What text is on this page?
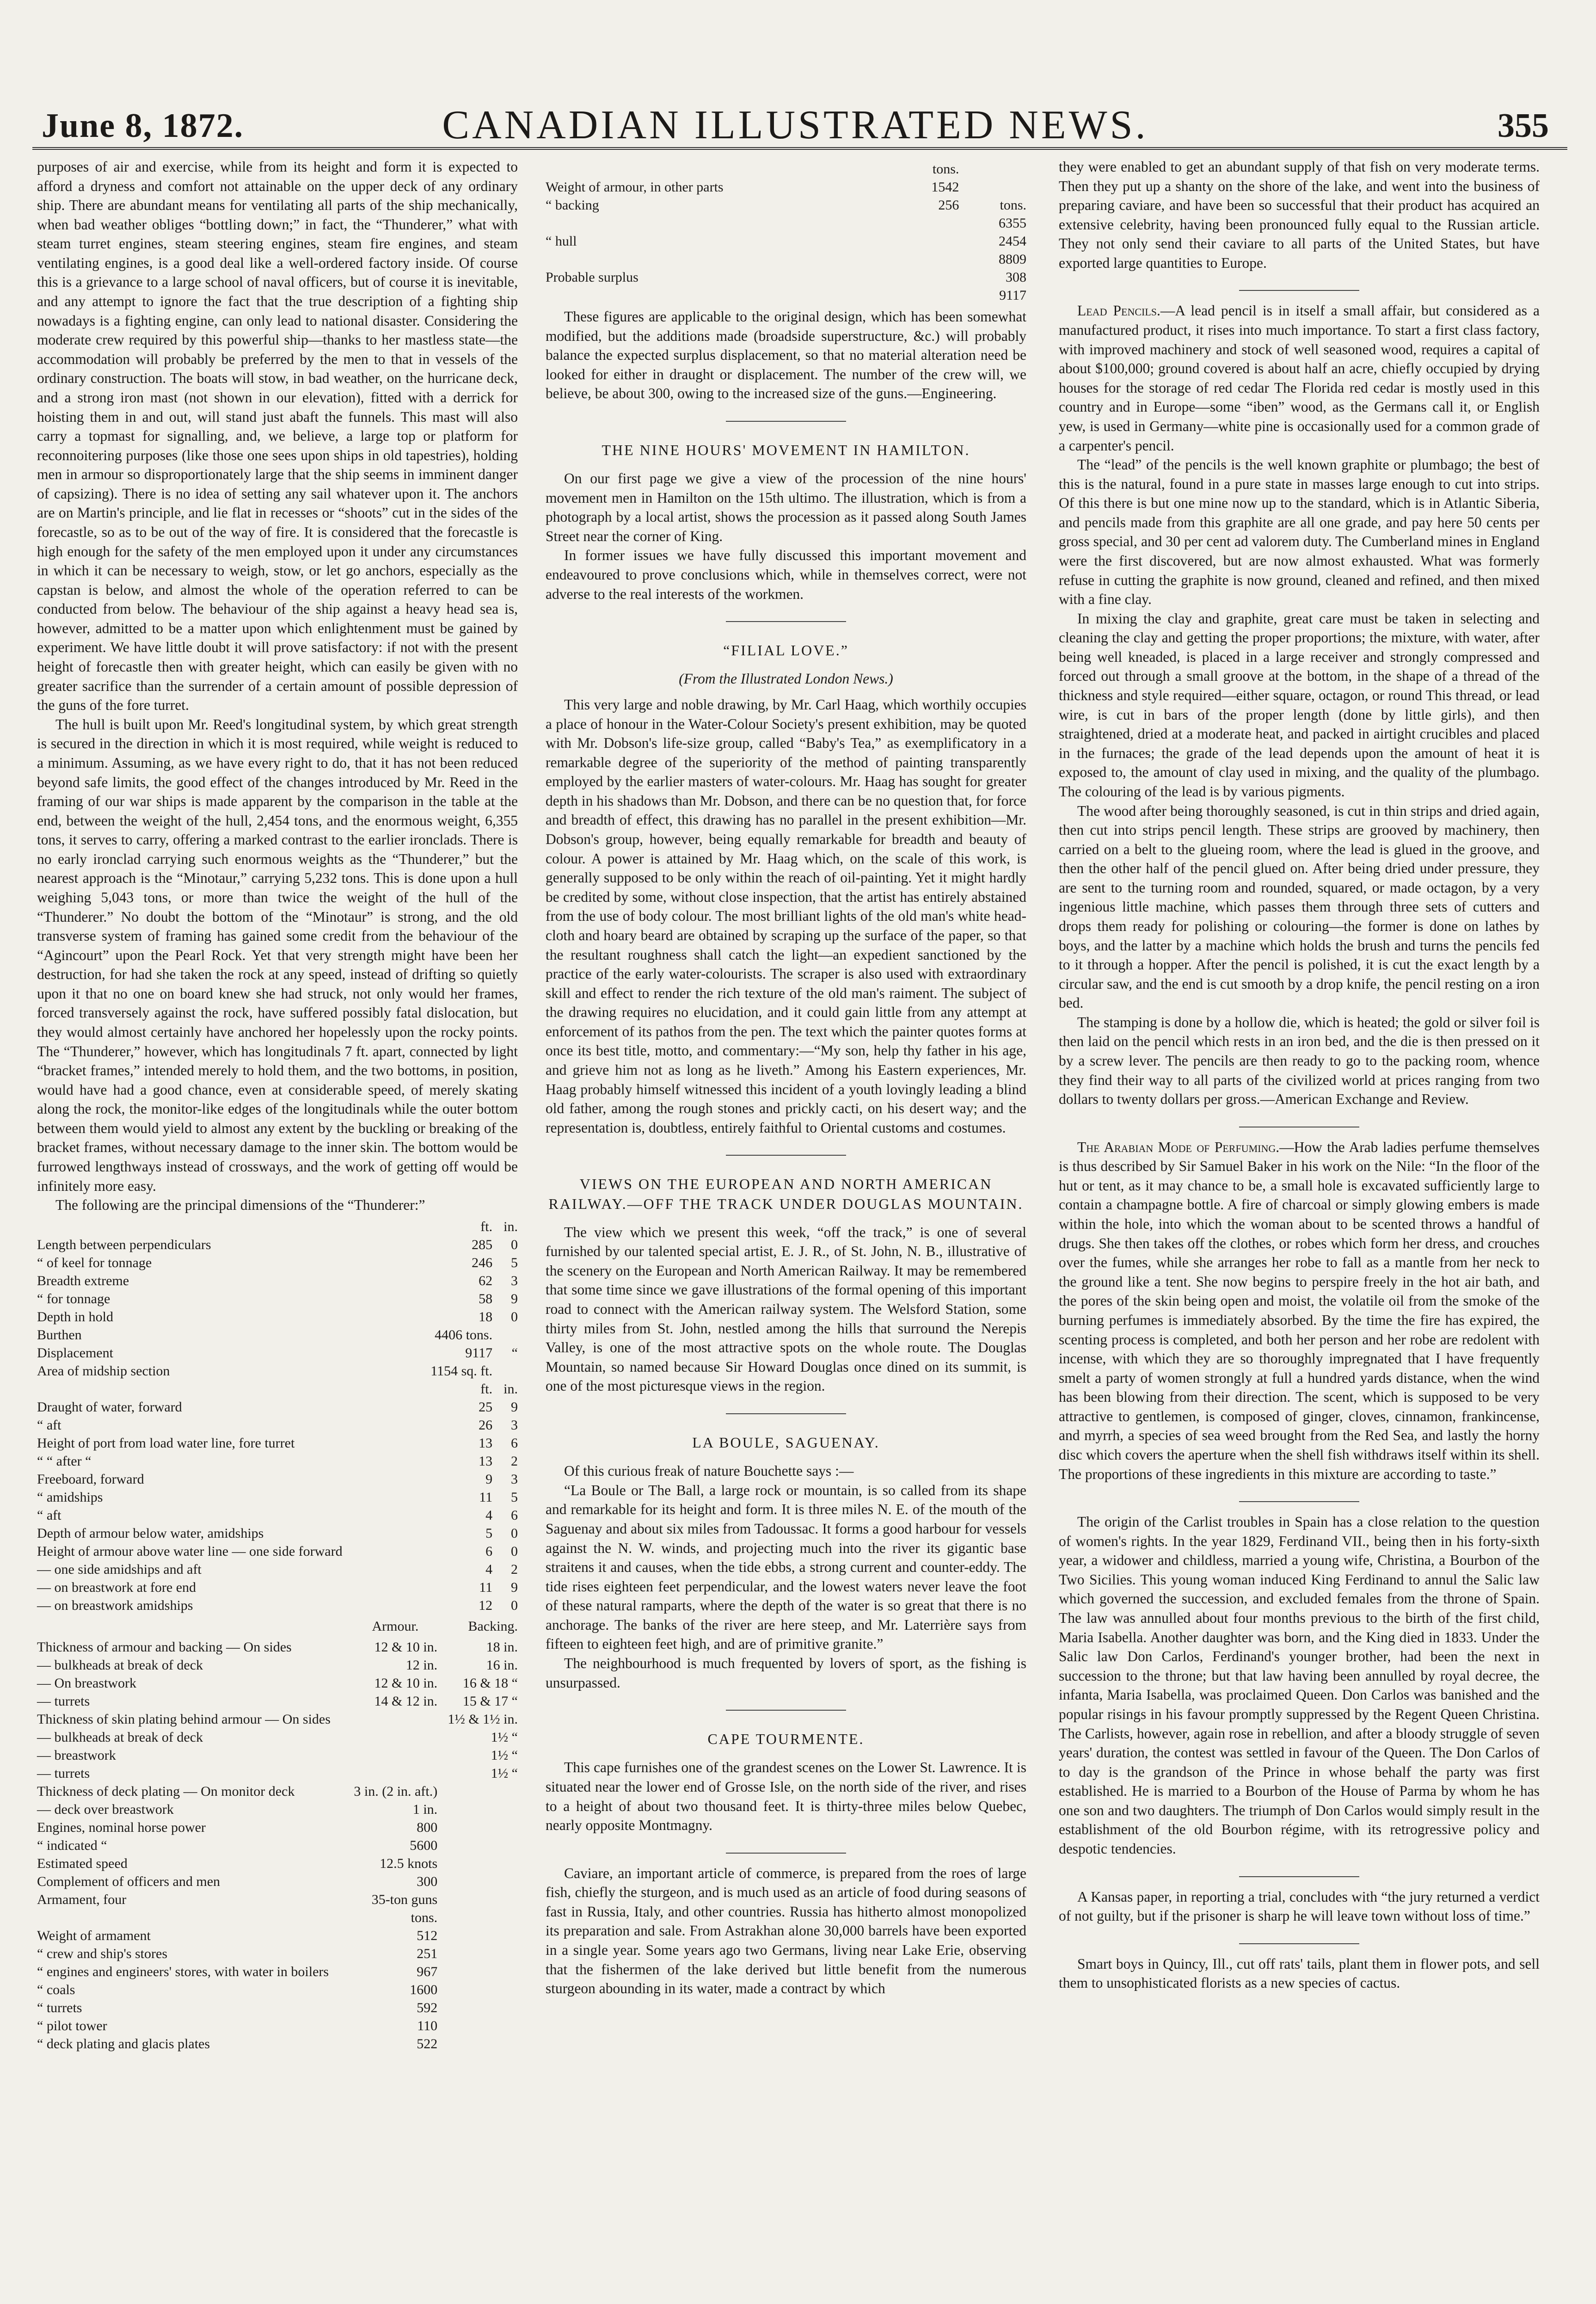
June 8, 1872.	CANADIAN ILLUSTRATED NEWS.	355

purposes of air and exercise, while from its height and form it is expected to afford a dryness and comfort not attainable on the upper deck of any ordinary ship. There are abundant means for ventilating all parts of the ship mechanically, when bad weather obliges “bottling down;” in fact, the “Thunderer,” what with steam turret engines, steam steering engines, steam fire engines, and steam ventilating engines, is a good deal like a well-ordered factory inside. Of course this is a grievance to a large school of naval officers, but of course it is inevitable, and any attempt to ignore the fact that the true description of a fighting ship nowadays is a fighting engine, can only lead to national disaster. Considering the moderate crew required by this powerful ship—thanks to her mastless state—the accommodation will probably be preferred by the men to that in vessels of the ordinary construction. The boats will stow, in bad weather, on the hurricane deck, and a strong iron mast (not shown in our elevation), fitted with a derrick for hoisting them in and out, will stand just abaft the funnels. This mast will also carry a topmast for signalling, and, we believe, a large top or platform for reconnoitering purposes (like those one sees upon ships in old tapestries), holding men in armour so disproportionately large that the ship seems in imminent danger of capsizing). There is no idea of setting any sail whatever upon it. The anchors are on Martin's principle, and lie flat in recesses or “shoots” cut in the sides of the forecastle, so as to be out of the way of fire. It is considered that the forecastle is high enough for the safety of the men employed upon it under any circumstances in which it can be necessary to weigh, stow, or let go anchors, especially as the capstan is below, and almost the whole of the operation referred to can be conducted from below. The behaviour of the ship against a heavy head sea is, however, admitted to be a matter upon which enlightenment must be gained by experiment. We have little doubt it will prove satisfactory: if not with the present height of forecastle then with greater height, which can easily be given with no greater sacrifice than the surrender of a certain amount of possible depression of the guns of the fore turret.

The hull is built upon Mr. Reed's longitudinal system, by which great strength is secured in the direction in which it is most required, while weight is reduced to a minimum. Assuming, as we have every right to do, that it has not been reduced beyond safe limits, the good effect of the changes introduced by Mr. Reed in the framing of our war ships is made apparent by the comparison in the table at the end, between the weight of the hull, 2,454 tons, and the enormous weight, 6,355 tons, it serves to carry, offering a marked contrast to the earlier ironclads. There is no early ironclad carrying such enormous weights as the “Thunderer,” but the nearest approach is the “Minotaur,” carrying 5,232 tons. This is done upon a hull weighing 5,043 tons, or more than twice the weight of the hull of the “Thunderer.” No doubt the bottom of the “Minotaur” is strong, and the old transverse system of framing has gained some credit from the behaviour of the “Agincourt” upon the Pearl Rock. Yet that very strength might have been her destruction, for had she taken the rock at any speed, instead of drifting so quietly upon it that no one on board knew she had struck, not only would her frames, forced transversely against the rock, have suffered possibly fatal dislocation, but they would almost certainly have anchored her hopelessly upon the rocky points. The “Thunderer,” however, which has longitudinals 7 ft. apart, connected by light “bracket frames,” intended merely to hold them, and the two bottoms, in position, would have had a good chance, even at considerable speed, of merely skating along the rock, the monitor-like edges of the longitudinals while the outer bottom between them would yield to almost any extent by the buckling or breaking of the bracket frames, without necessary damage to the inner skin. The bottom would be furrowed lengthways instead of crossways, and the work of getting off would be infinitely more easy.

The following are the principal dimensions of the “Thunderer:”

	ft.	in.
Length between perpendiculars	285	0
“ of keel for tonnage	246	5
Breadth extreme	62	3
“ for tonnage	58	9
Depth in hold	18	0
Burthen	4406 tons.	
Displacement	9117	“
Area of midship section	1154 sq. ft.	
	ft.	in.
Draught of water, forward	25	9
“ aft	26	3
Height of port from load water line, fore turret	13	6
“ “ after “	13	2
Freeboard, forward	9	3
“ amidships	11	5
“ aft	4	6
Depth of armour below water, amidships	5	0
Height of armour above water line — one side forward	6	0
— one side amidships and aft	4	2
— on breastwork at fore end	11	9
— on breastwork amidships	12	0
	Armour.	Backing.
Thickness of armour and backing — On sides	12 & 10 in.	18 in.
— bulkheads at break of deck	12 in.	16 in.
— On breastwork	12 & 10 in.	16 & 18 “
— turrets	14 & 12 in.	15 & 17 “
Thickness of skin plating behind armour — On sides		1½ & 1½ in.
— bulkheads at break of deck		1½ “
— breastwork		1½ “
— turrets		1½ “
Thickness of deck plating — On monitor deck	3 in. (2 in. aft.)	
— deck over breastwork	1 in.	
Engines, nominal horse power	800	
“ indicated “	5600	
Estimated speed	12.5 knots	
Complement of officers and men	300	
Armament, four	35-ton guns	
	tons.	
Weight of armament	512	
“ crew and ship's stores	251	
“ engines and engineers' stores, with water in boilers	967	
“ coals	1600	
“ turrets	592	
“ pilot tower	110	
“ deck plating and glacis plates	522	
	tons.	
Weight of armour, in other parts	1542	
“ backing	256	tons.
		6355
“ hull		2454
		8809
Probable surplus		308
		9117

These figures are applicable to the original design, which has been somewhat modified, but the additions made (broadside superstructure, &c.) will probably balance the expected surplus displacement, so that no material alteration need be looked for either in draught or displacement. The number of the crew will, we believe, be about 300, owing to the increased size of the guns.—Engineering.

THE NINE HOURS' MOVEMENT IN HAMILTON.

On our first page we give a view of the procession of the nine hours' movement men in Hamilton on the 15th ultimo. The illustration, which is from a photograph by a local artist, shows the procession as it passed along South James Street near the corner of King.

In former issues we have fully discussed this important movement and endeavoured to prove conclusions which, while in themselves correct, were not adverse to the real interests of the workmen.

“FILIAL LOVE.”
(From the Illustrated London News.)

This very large and noble drawing, by Mr. Carl Haag, which worthily occupies a place of honour in the Water-Colour Society's present exhibition, may be quoted with Mr. Dobson's life-size group, called “Baby's Tea,” as exemplificatory in a remarkable degree of the superiority of the method of painting transparently employed by the earlier masters of water-colours. Mr. Haag has sought for greater depth in his shadows than Mr. Dobson, and there can be no question that, for force and breadth of effect, this drawing has no parallel in the present exhibition—Mr. Dobson's group, however, being equally remarkable for breadth and beauty of colour. A power is attained by Mr. Haag which, on the scale of this work, is generally supposed to be only within the reach of oil-painting. Yet it might hardly be credited by some, without close inspection, that the artist has entirely abstained from the use of body colour. The most brilliant lights of the old man's white head-cloth and hoary beard are obtained by scraping up the surface of the paper, so that the resultant roughness shall catch the light—an expedient sanctioned by the practice of the early water-colourists. The scraper is also used with extraordinary skill and effect to render the rich texture of the old man's raiment. The subject of the drawing requires no elucidation, and it could gain little from any attempt at enforcement of its pathos from the pen. The text which the painter quotes forms at once its best title, motto, and commentary:—“My son, help thy father in his age, and grieve him not as long as he liveth.” Among his Eastern experiences, Mr. Haag probably himself witnessed this incident of a youth lovingly leading a blind old father, among the rough stones and prickly cacti, on his desert way; and the representation is, doubtless, entirely faithful to Oriental customs and costumes.

VIEWS ON THE EUROPEAN AND NORTH AMERICAN RAILWAY.—OFF THE TRACK UNDER DOUGLAS MOUNTAIN.

The view which we present this week, “off the track,” is one of several furnished by our talented special artist, E. J. R., of St. John, N. B., illustrative of the scenery on the European and North American Railway. It may be remembered that some time since we gave illustrations of the formal opening of this important road to connect with the American railway system. The Welsford Station, some thirty miles from St. John, nestled among the hills that surround the Nerepis Valley, is one of the most attractive spots on the whole route. The Douglas Mountain, so named because Sir Howard Douglas once dined on its summit, is one of the most picturesque views in the region.

LA BOULE, SAGUENAY.

Of this curious freak of nature Bouchette says :—

“La Boule or The Ball, a large rock or mountain, is so called from its shape and remarkable for its height and form. It is three miles N. E. of the mouth of the Saguenay and about six miles from Tadoussac. It forms a good harbour for vessels against the N. W. winds, and projecting much into the river its gigantic base straitens it and causes, when the tide ebbs, a strong current and counter-eddy. The tide rises eighteen feet perpendicular, and the lowest waters never leave the foot of these natural ramparts, where the depth of the water is so great that there is no anchorage. The banks of the river are here steep, and Mr. Laterrière says from fifteen to eighteen feet high, and are of primitive granite.”

The neighbourhood is much frequented by lovers of sport, as the fishing is unsurpassed.

CAPE TOURMENTE.

This cape furnishes one of the grandest scenes on the Lower St. Lawrence. It is situated near the lower end of Grosse Isle, on the north side of the river, and rises to a height of about two thousand feet. It is thirty-three miles below Quebec, nearly opposite Montmagny.

Caviare, an important article of commerce, is prepared from the roes of large fish, chiefly the sturgeon, and is much used as an article of food during seasons of fast in Russia, Italy, and other countries. Russia has hitherto almost monopolized its preparation and sale. From Astrakhan alone 30,000 barrels have been exported in a single year. Some years ago two Germans, living near Lake Erie, observing that the fishermen of the lake derived but little benefit from the numerous sturgeon abounding in its water, made a contract by which

they were enabled to get an abundant supply of that fish on very moderate terms. Then they put up a shanty on the shore of the lake, and went into the business of preparing caviare, and have been so successful that their product has acquired an extensive celebrity, having been pronounced fully equal to the Russian article. They not only send their caviare to all parts of the United States, but have exported large quantities to Europe.

Lead Pencils.—A lead pencil is in itself a small affair, but considered as a manufactured product, it rises into much importance. To start a first class factory, with improved machinery and stock of well seasoned wood, requires a capital of about $100,000; ground covered is about half an acre, chiefly occupied by drying houses for the storage of red cedar The Florida red cedar is mostly used in this country and in Europe—some “iben” wood, as the Germans call it, or English yew, is used in Germany—white pine is occasionally used for a common grade of a carpenter's pencil.

The “lead” of the pencils is the well known graphite or plumbago; the best of this is the natural, found in a pure state in masses large enough to cut into strips. Of this there is but one mine now up to the standard, which is in Atlantic Siberia, and pencils made from this graphite are all one grade, and pay here 50 cents per gross special, and 30 per cent ad valorem duty. The Cumberland mines in England were the first discovered, but are now almost exhausted. What was formerly refuse in cutting the graphite is now ground, cleaned and refined, and then mixed with a fine clay.

In mixing the clay and graphite, great care must be taken in selecting and cleaning the clay and getting the proper proportions; the mixture, with water, after being well kneaded, is placed in a large receiver and strongly compressed and forced out through a small groove at the bottom, in the shape of a thread of the thickness and style required—either square, octagon, or round This thread, or lead wire, is cut in bars of the proper length (done by little girls), and then straightened, dried at a moderate heat, and packed in airtight crucibles and placed in the furnaces; the grade of the lead depends upon the amount of heat it is exposed to, the amount of clay used in mixing, and the quality of the plumbago. The colouring of the lead is by various pigments.

The wood after being thoroughly seasoned, is cut in thin strips and dried again, then cut into strips pencil length. These strips are grooved by machinery, then carried on a belt to the glueing room, where the lead is glued in the groove, and then the other half of the pencil glued on. After being dried under pressure, they are sent to the turning room and rounded, squared, or made octagon, by a very ingenious little machine, which passes them through three sets of cutters and drops them ready for polishing or colouring—the former is done on lathes by boys, and the latter by a machine which holds the brush and turns the pencils fed to it through a hopper. After the pencil is polished, it is cut the exact length by a circular saw, and the end is cut smooth by a drop knife, the pencil resting on a iron bed.

The stamping is done by a hollow die, which is heated; the gold or silver foil is then laid on the pencil which rests in an iron bed, and the die is then pressed on it by a screw lever. The pencils are then ready to go to the packing room, whence they find their way to all parts of the civilized world at prices ranging from two dollars to twenty dollars per gross.—American Exchange and Review.

The Arabian Mode of Perfuming.—How the Arab ladies perfume themselves is thus described by Sir Samuel Baker in his work on the Nile: “In the floor of the hut or tent, as it may chance to be, a small hole is excavated sufficiently large to contain a champagne bottle. A fire of charcoal or simply glowing embers is made within the hole, into which the woman about to be scented throws a handful of drugs. She then takes off the clothes, or robes which form her dress, and crouches over the fumes, while she arranges her robe to fall as a mantle from her neck to the ground like a tent. She now begins to perspire freely in the hot air bath, and the pores of the skin being open and moist, the volatile oil from the smoke of the burning perfumes is immediately absorbed. By the time the fire has expired, the scenting process is completed, and both her person and her robe are redolent with incense, with which they are so thoroughly impregnated that I have frequently smelt a party of women strongly at full a hundred yards distance, when the wind has been blowing from their direction. The scent, which is supposed to be very attractive to gentlemen, is composed of ginger, cloves, cinnamon, frankincense, and myrrh, a species of sea weed brought from the Red Sea, and lastly the horny disc which covers the aperture when the shell fish withdraws itself within its shell. The proportions of these ingredients in this mixture are according to taste.”

The origin of the Carlist troubles in Spain has a close relation to the question of women's rights. In the year 1829, Ferdinand VII., being then in his forty-sixth year, a widower and childless, married a young wife, Christina, a Bourbon of the Two Sicilies. This young woman induced King Ferdinand to annul the Salic law which governed the succession, and excluded females from the throne of Spain. The law was annulled about four months previous to the birth of the first child, Maria Isabella. Another daughter was born, and the King died in 1833. Under the Salic law Don Carlos, Ferdinand's younger brother, had been the next in succession to the throne; but that law having been annulled by royal decree, the infanta, Maria Isabella, was proclaimed Queen. Don Carlos was banished and the popular risings in his favour promptly suppressed by the Regent Queen Christina. The Carlists, however, again rose in rebellion, and after a bloody struggle of seven years' duration, the contest was settled in favour of the Queen. The Don Carlos of to day is the grandson of the Prince in whose behalf the party was first established. He is married to a Bourbon of the House of Parma by whom he has one son and two daughters. The triumph of Don Carlos would simply result in the establishment of the old Bourbon régime, with its retrogressive policy and despotic tendencies.

A Kansas paper, in reporting a trial, concludes with “the jury returned a verdict of not guilty, but if the prisoner is sharp he will leave town without loss of time.”

Smart boys in Quincy, Ill., cut off rats' tails, plant them in flower pots, and sell them to unsophisticated florists as a new species of cactus.
